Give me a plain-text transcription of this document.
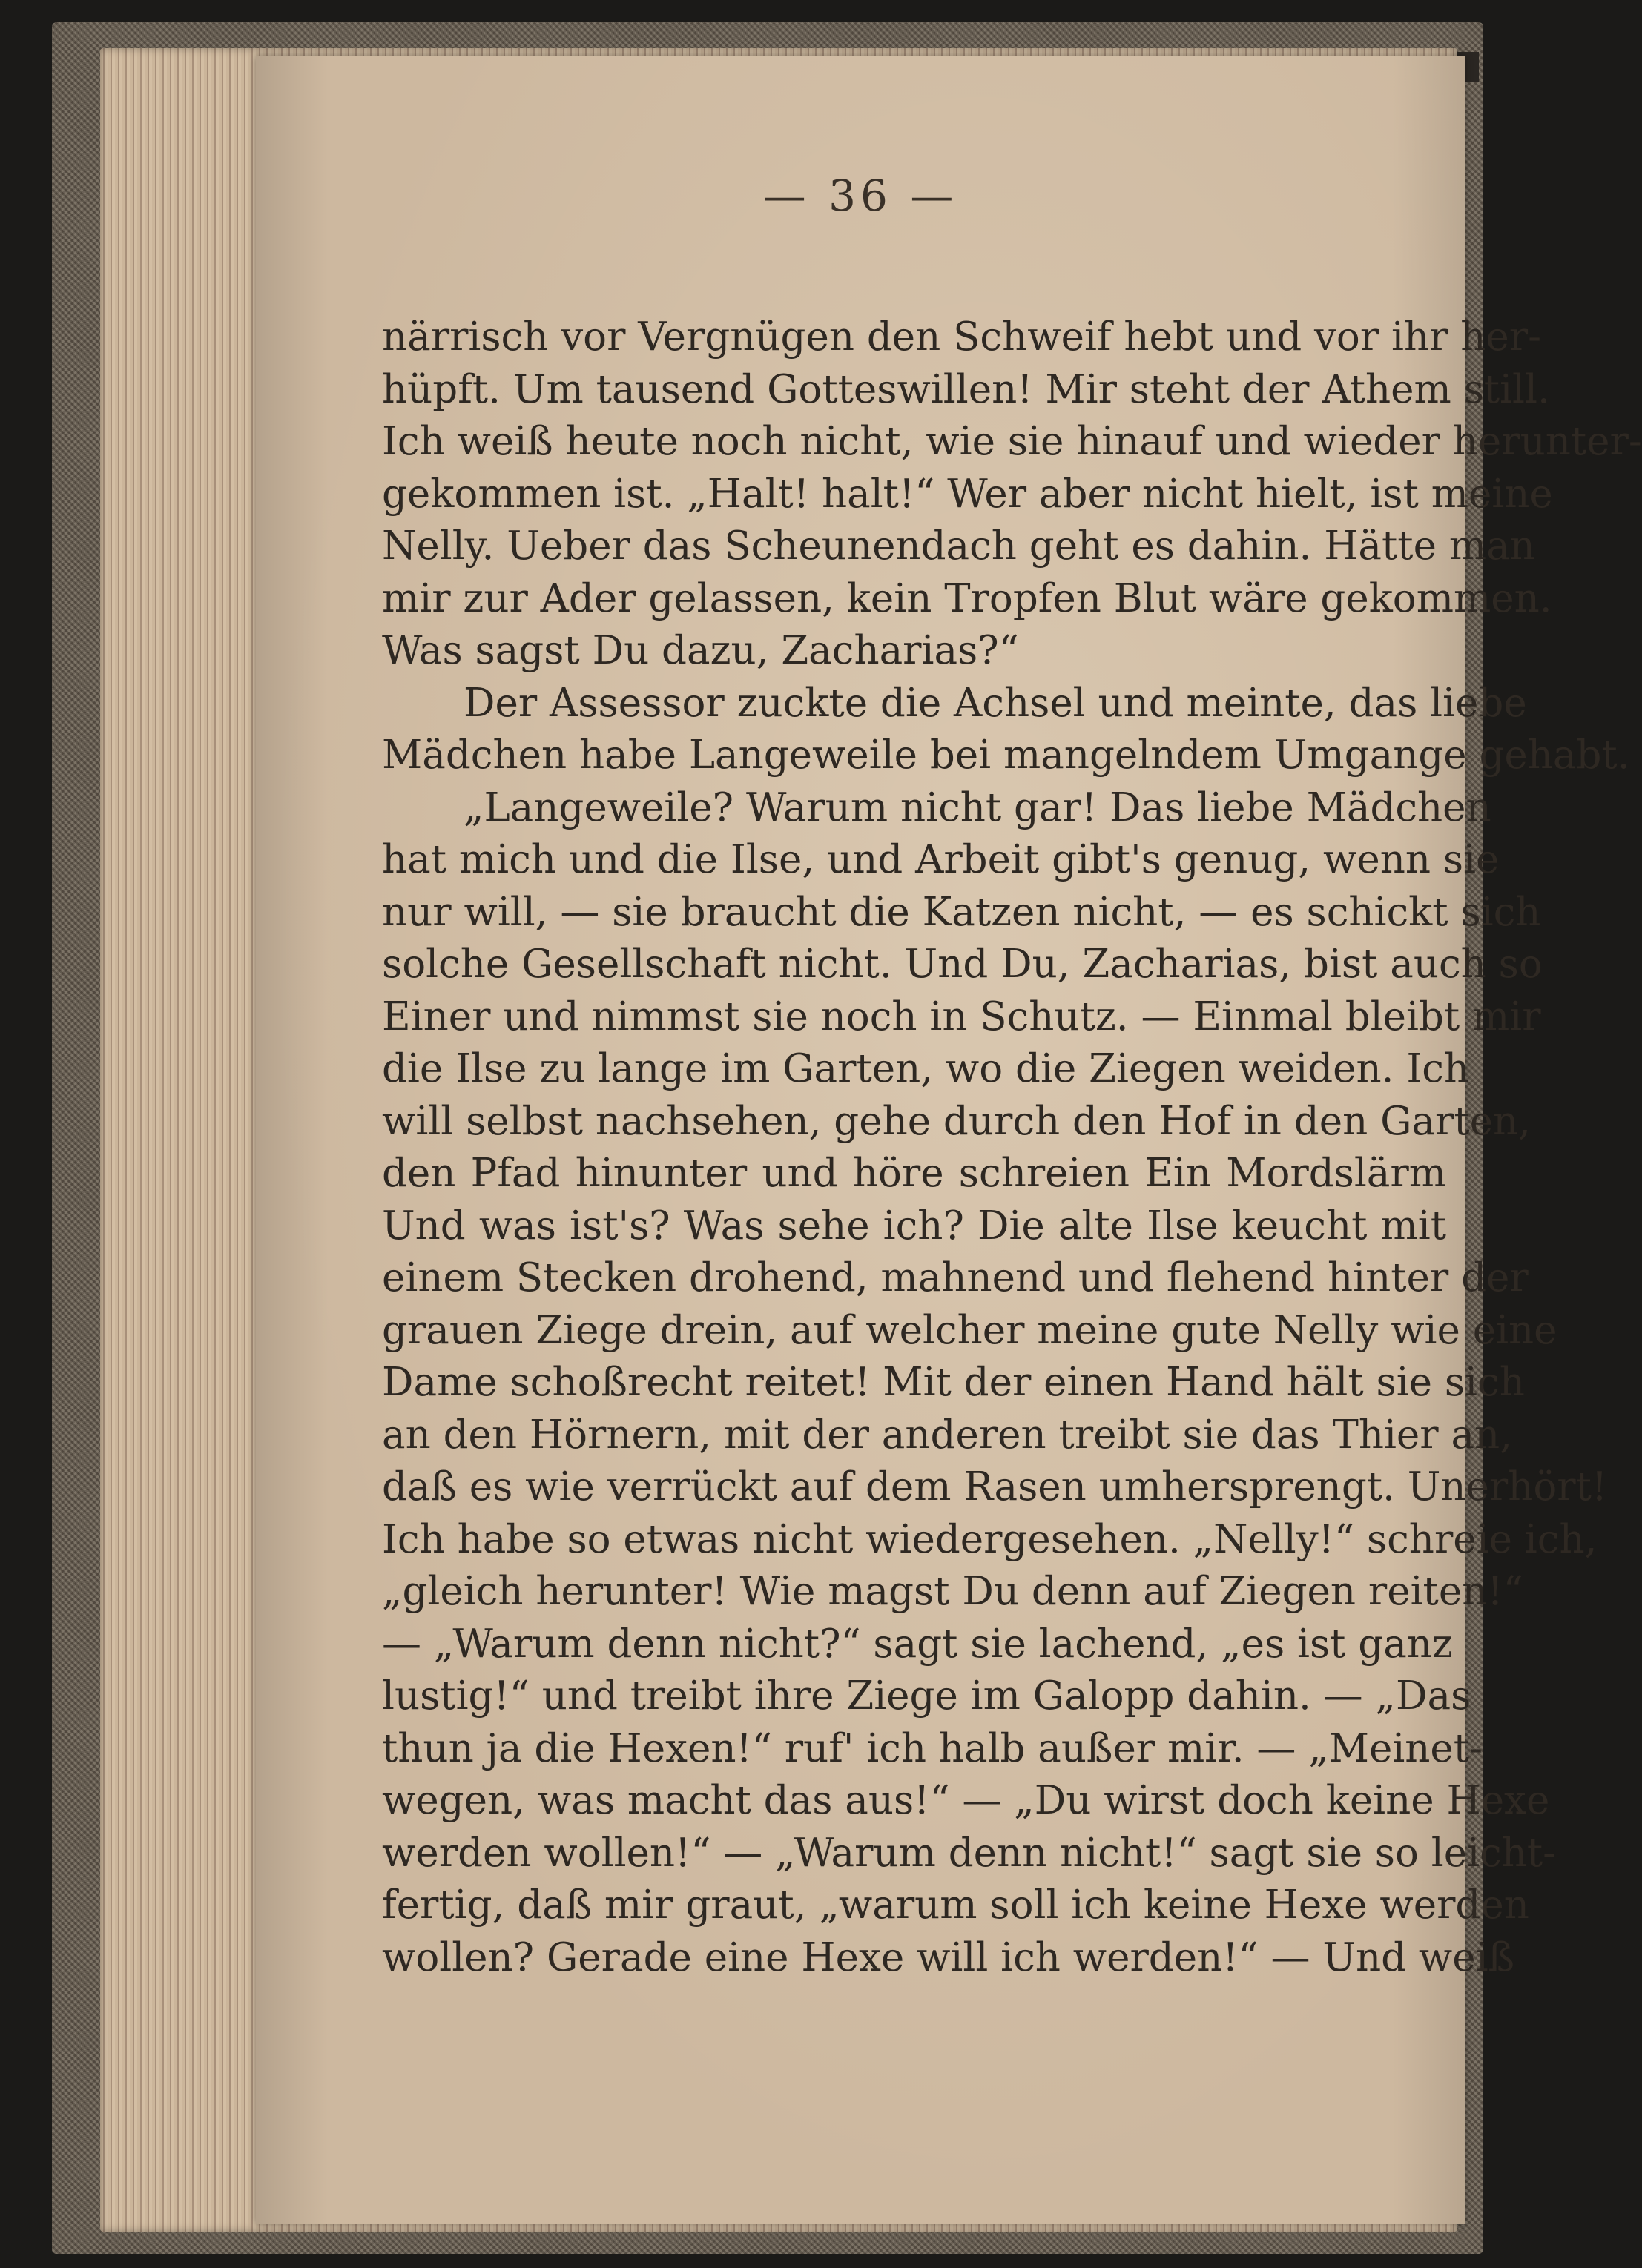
— 36 —
närrisch vor Vergnügen den Schweif hebt und vor ihr her-
hüpft. Um tausend Gotteswillen! Mir steht der Athem still.
Ich weiß heute noch nicht, wie sie hinauf und wieder herunter-
gekommen ist. „Halt! halt!“ Wer aber nicht hielt, ist meine
Nelly. Ueber das Scheunendach geht es dahin. Hätte man
mir zur Ader gelassen, kein Tropfen Blut wäre gekommen.
Was sagst Du dazu, Zacharias?“
Der Assessor zuckte die Achsel und meinte, das liebe
Mädchen habe Langeweile bei mangelndem Umgange gehabt.
„Langeweile? Warum nicht gar! Das liebe Mädchen
hat mich und die Ilse, und Arbeit gibt's genug, wenn sie
nur will, — sie braucht die Katzen nicht, — es schickt sich
solche Gesellschaft nicht. Und Du, Zacharias, bist auch so
Einer und nimmst sie noch in Schutz. — Einmal bleibt mir
die Ilse zu lange im Garten, wo die Ziegen weiden. Ich
will selbst nachsehen, gehe durch den Hof in den Garten,
den Pfad hinunter und höre schreien Ein Mordslärm
Und was ist's? Was sehe ich? Die alte Ilse keucht mit
einem Stecken drohend, mahnend und flehend hinter der
grauen Ziege drein, auf welcher meine gute Nelly wie eine
Dame schoßrecht reitet! Mit der einen Hand hält sie sich
an den Hörnern, mit der anderen treibt sie das Thier an,
daß es wie verrückt auf dem Rasen umhersprengt. Unerhört!
Ich habe so etwas nicht wiedergesehen. „Nelly!“ schreie ich,
„gleich herunter! Wie magst Du denn auf Ziegen reiten!“
— „Warum denn nicht?“ sagt sie lachend, „es ist ganz
lustig!“ und treibt ihre Ziege im Galopp dahin. — „Das
thun ja die Hexen!“ ruf' ich halb außer mir. — „Meinet-
wegen, was macht das aus!“ — „Du wirst doch keine Hexe
werden wollen!“ — „Warum denn nicht!“ sagt sie so leicht-
fertig, daß mir graut, „warum soll ich keine Hexe werden
wollen? Gerade eine Hexe will ich werden!“ — Und weiß
